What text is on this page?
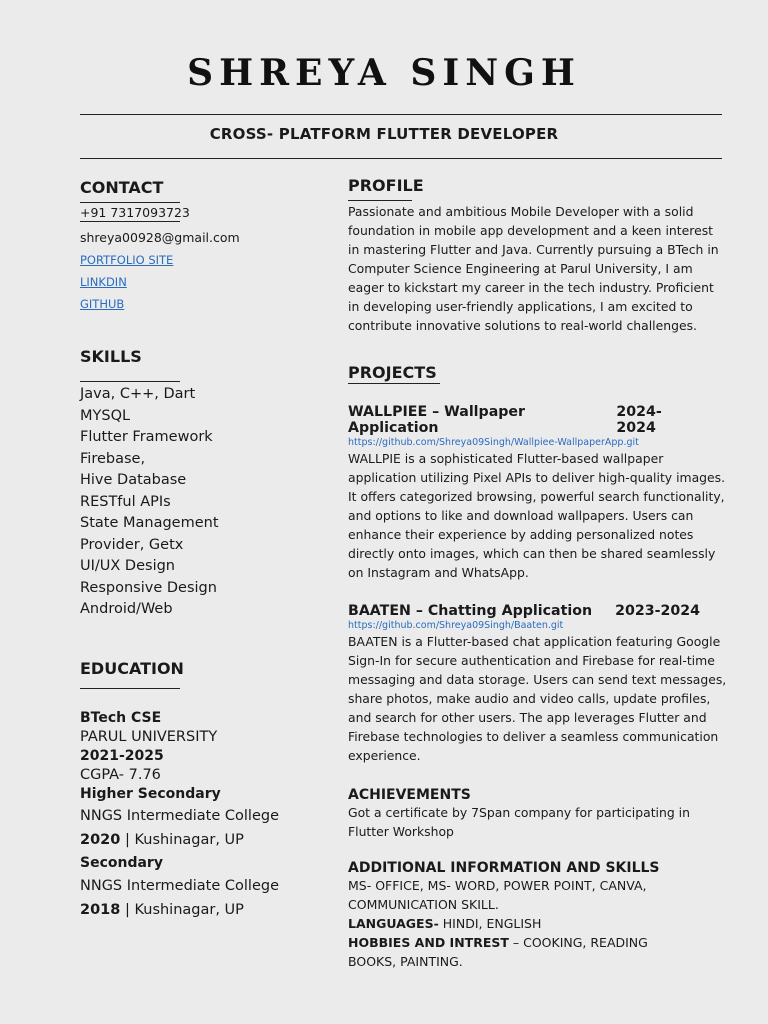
SHREYA SINGH
CROSS- PLATFORM FLUTTER DEVELOPER
CONTACT
+91 7317093723
shreya00928@gmail.com
PORTFOLIO SITE
LINKDIN
GITHUB
SKILLS
Java, C++, Dart
MYSQL
Flutter Framework
Firebase,
Hive Database
RESTful APIs
State Management
Provider, Getx
UI/UX Design
Responsive Design
Android/Web
EDUCATION
BTech CSE
PARUL UNIVERSITY
2021-2025
CGPA- 7.76
Higher Secondary
NNGS Intermediate College
2020 | Kushinagar, UP
Secondary
NNGS Intermediate College
2018 | Kushinagar, UP
PROFILE
Passionate and ambitious Mobile Developer with a solid foundation in mobile app development and a keen interest in mastering Flutter and Java. Currently pursuing a BTech in Computer Science Engineering at Parul University, I am eager to kickstart my career in the tech industry. Proficient in developing user-friendly applications, I am excited to contribute innovative solutions to real-world challenges.
PROJECTS
WALLPIEE – Wallpaper Application
2024-2024
https://github.com/Shreya09Singh/Wallpiee-WallpaperApp.git
WALLPIE is a sophisticated Flutter-based wallpaper application utilizing Pixel APIs to deliver high-quality images. It offers categorized browsing, powerful search functionality, and options to like and download wallpapers. Users can enhance their experience by adding personalized notes directly onto images, which can then be shared seamlessly on Instagram and WhatsApp.
BAATEN – Chatting Application 2023-2024
https://github.com/Shreya09Singh/Baaten.git
BAATEN is a Flutter-based chat application featuring Google Sign-In for secure authentication and Firebase for real-time messaging and data storage. Users can send text messages, share photos, make audio and video calls, update profiles, and search for other users. The app leverages Flutter and Firebase technologies to deliver a seamless communication experience.
ACHIEVEMENTS
Got a certificate by 7Span company for participating in Flutter Workshop
ADDITIONAL INFORMATION AND SKILLS
MS- OFFICE, MS- WORD, POWER POINT, CANVA, COMMUNICATION SKILL.
LANGUAGES- HINDI, ENGLISH
HOBBIES AND INTREST – COOKING, READING BOOKS, PAINTING.
